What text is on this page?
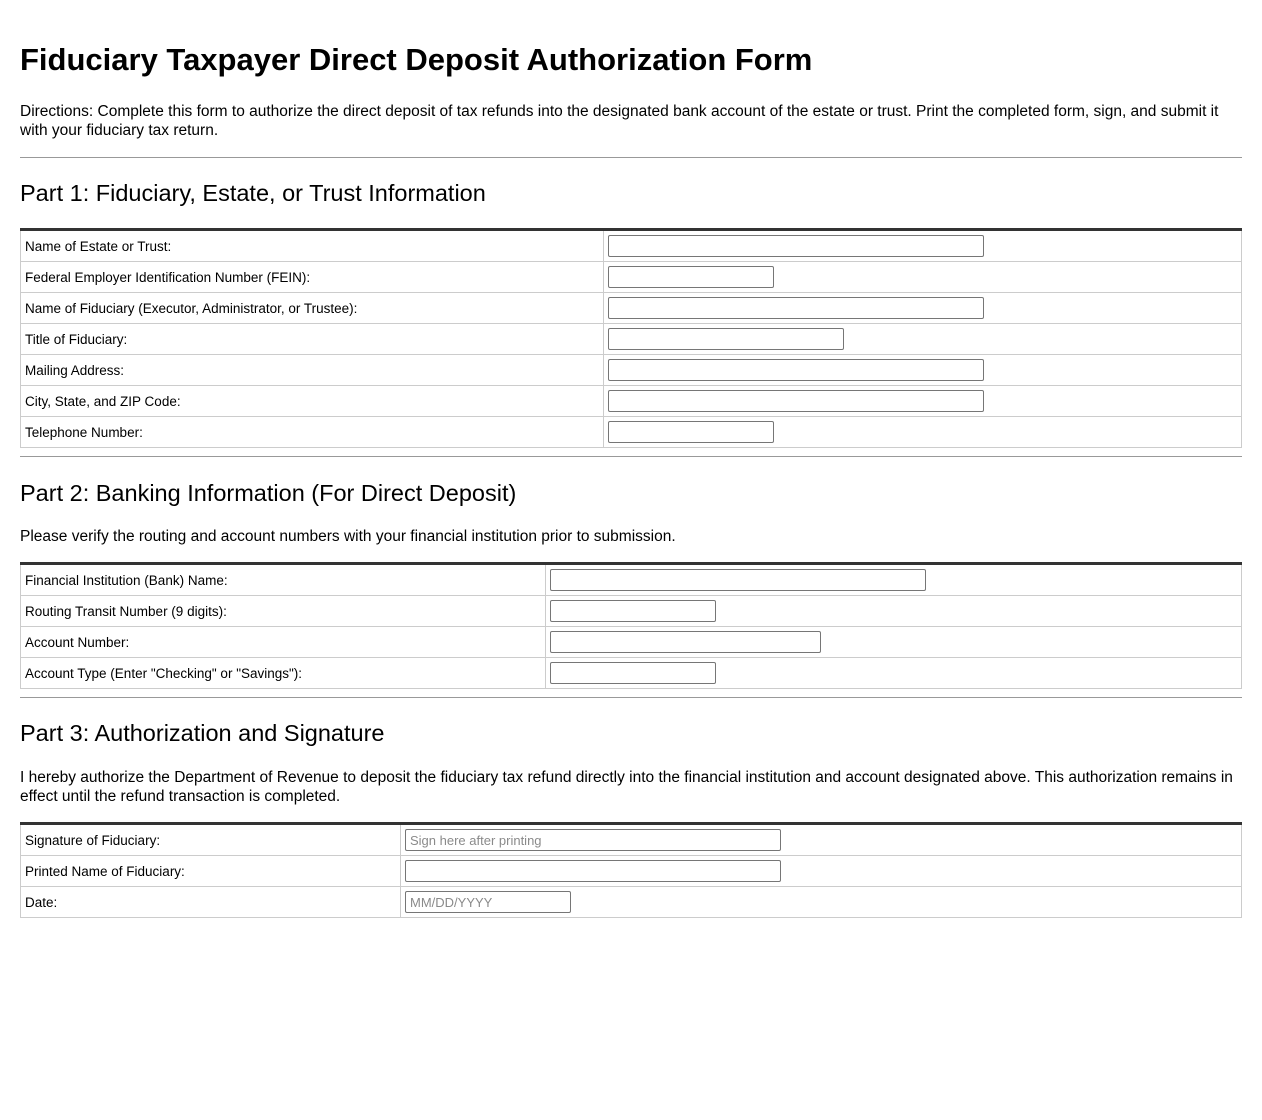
Fiduciary Taxpayer Direct Deposit Authorization Form

Directions: Complete this form to authorize the direct deposit of tax refunds into the designated bank account of the estate or trust. Print the completed form, sign, and submit it with your fiduciary tax return.

Part 1: Fiduciary, Estate, or Trust Information
Name of Estate or Trust:	

Federal Employer Identification Number (FEIN):	

Name of Fiduciary (Executor, Administrator, or Trustee):	

Title of Fiduciary:	

Mailing Address:	

City, State, and ZIP Code:	

Telephone Number:	
Part 2: Banking Information (For Direct Deposit)

Please verify the routing and account numbers with your financial institution prior to submission.

Financial Institution (Bank) Name:	

Routing Transit Number (9 digits):	

Account Number:	

Account Type (Enter "Checking" or "Savings"):	
Part 3: Authorization and Signature

I hereby authorize the Department of Revenue to deposit the fiduciary tax refund directly into the financial institution and account designated above. This authorization remains in effect until the refund transaction is completed.

Signature of Fiduciary:	
Sign here after printing
Printed Name of Fiduciary:	

Date:	
MM/DD/YYYY
